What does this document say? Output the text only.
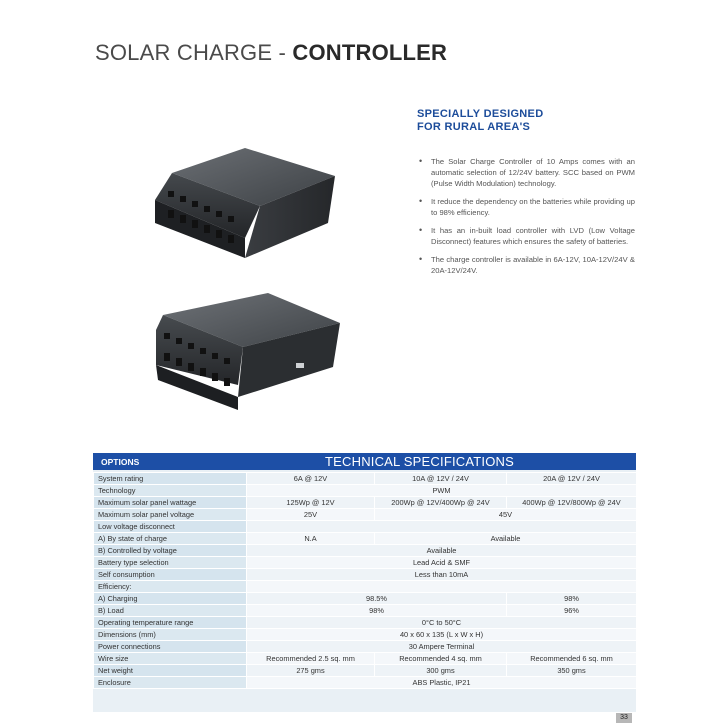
SOLAR CHARGE - CONTROLLER
SPECIALLY DESIGNED
FOR RURAL AREA'S
• The Solar Charge Controller of 10 Amps comes with an automatic selection of 12/24V battery. SCC based on PWM (Pulse Width Modulation) technology.
• It reduce the dependency on the batteries while providing up to 98% efficiency.
• It has an in-built load controller with LVD (Low Voltage Disconnect) features which ensures the safety of batteries.
• The charge controller is available in 6A-12V, 10A-12V/24V & 20A-12V/24V.
OPTIONS	TECHNICAL SPECIFICATIONS
System rating	6A @ 12V	10A @ 12V / 24V	20A @ 12V / 24V
Technology	PWM		
Maximum solar panel wattage	125Wp @ 12V	200Wp @ 12V/400Wp @ 24V	400Wp @ 12V/800Wp @ 24V
Maximum solar panel voltage	25V	45V	
Low voltage disconnect			
A) By state of charge	N.A	Available	
B) Controlled by voltage	Available		
Battery type selection	Lead Acid & SMF		
Self consumption	Less than 10mA		
Efficiency:			
A) Charging	98.5%		98%
B) Load	98%		96%
Operating temperature range	0°C to 50°C		
Dimensions (mm)	40 x 60 x 135 (L x W x H)		
Power connections	30 Ampere Terminal		
Wire size	Recommended 2.5 sq. mm	Recommended 4 sq. mm	Recommended 6 sq. mm
Net weight	275 gms	300 gms	350 gms
Enclosure	ABS Plastic, IP21		
33
